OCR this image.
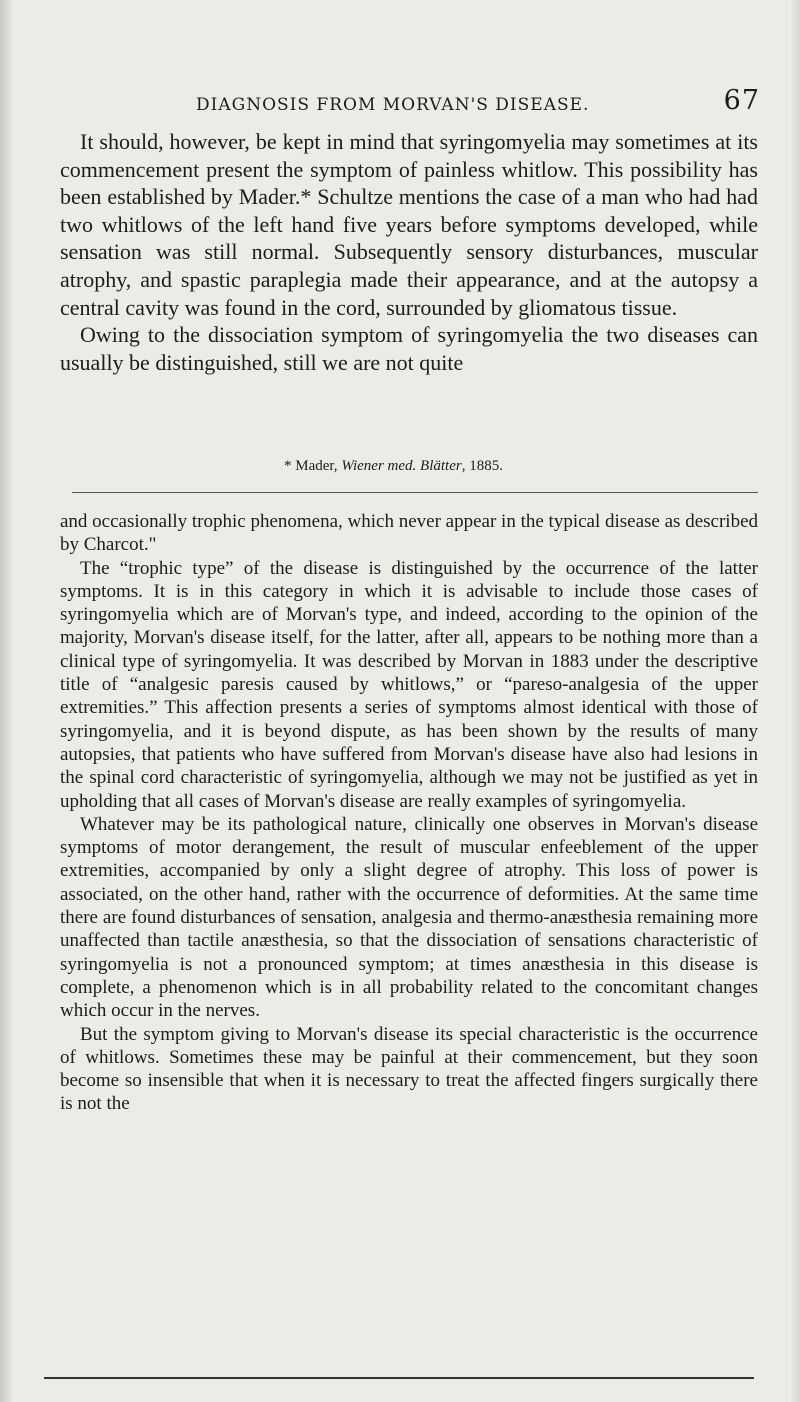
DIAGNOSIS FROM MORVAN'S DISEASE.	67

It should, however, be kept in mind that syringomyelia may sometimes at its commencement present the symptom of painless whitlow. This possibility has been established by Mader.* Schultze mentions the case of a man who had had two whitlows of the left hand five years before symptoms developed, while sensation was still normal. Subsequently sensory disturbances, muscular atrophy, and spastic paraplegia made their appearance, and at the autopsy a central cavity was found in the cord, surrounded by gliomatous tissue.

Owing to the dissociation symptom of syringomyelia the two diseases can usually be distinguished, still we are not quite

* Mader, Wiener med. Blätter, 1885.

and occasionally trophic phenomena, which never appear in the typical disease as described by Charcot."

The “trophic type” of the disease is distinguished by the occurrence of the latter symptoms. It is in this category in which it is advisable to include those cases of syringomyelia which are of Morvan's type, and indeed, according to the opinion of the majority, Morvan's disease itself, for the latter, after all, appears to be nothing more than a clinical type of syringomyelia. It was described by Morvan in 1883 under the descriptive title of “analgesic paresis caused by whitlows,” or “pareso-analgesia of the upper extremities.” This affection presents a series of symptoms almost identical with those of syringomyelia, and it is beyond dispute, as has been shown by the results of many autopsies, that patients who have suffered from Morvan's disease have also had lesions in the spinal cord characteristic of syringomyelia, although we may not be justified as yet in upholding that all cases of Morvan's disease are really examples of syringomyelia.

Whatever may be its pathological nature, clinically one observes in Morvan's disease symptoms of motor derangement, the result of muscular enfeeblement of the upper extremities, accompanied by only a slight degree of atrophy. This loss of power is associated, on the other hand, rather with the occurrence of deformities. At the same time there are found disturbances of sensation, analgesia and thermo-anæsthesia remaining more unaffected than tactile anæsthesia, so that the dissociation of sensations characteristic of syringomyelia is not a pronounced symptom; at times anæsthesia in this disease is complete, a phenomenon which is in all probability related to the concomitant changes which occur in the nerves.

But the symptom giving to Morvan's disease its special characteristic is the occurrence of whitlows. Sometimes these may be painful at their commencement, but they soon become so insensible that when it is necessary to treat the affected fingers surgically there is not the
